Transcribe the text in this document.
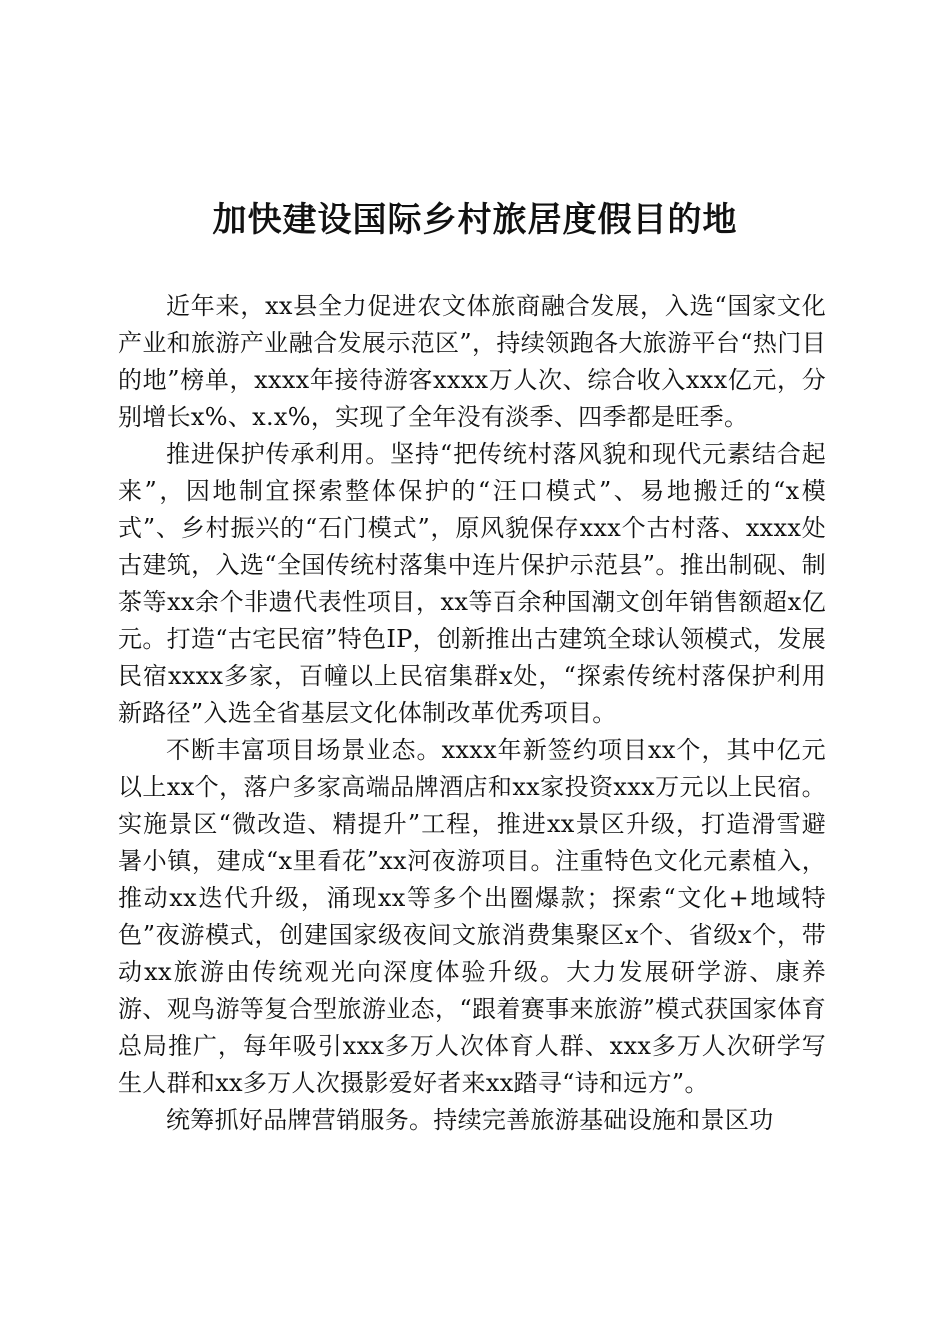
加快建设国际乡村旅居度假目的地

近年来，xx县全力促进农文体旅商融合发展，入选“国家文化产业和旅游产业融合发展示范区”，持续领跑各大旅游平台“热门目的地”榜单，xxxx年接待游客xxxx万人次、综合收入xxx亿元，分别增长x%、x.x%，实现了全年没有淡季、四季都是旺季。

推进保护传承利用。坚持“把传统村落风貌和现代元素结合起来”，因地制宜探索整体保护的“汪口模式”、易地搬迁的“x模式”、乡村振兴的“石门模式”，原风貌保存xxx个古村落、xxxx处古建筑，入选“全国传统村落集中连片保护示范县”。推出制砚、制茶等xx余个非遗代表性项目，xx等百余种国潮文创年销售额超x亿元。打造“古宅民宿”特色IP，创新推出古建筑全球认领模式，发展民宿xxxx多家，百幢以上民宿集群x处，“探索传统村落保护利用新路径”入选全省基层文化体制改革优秀项目。

不断丰富项目场景业态。xxxx年新签约项目xx个，其中亿元以上xx个，落户多家高端品牌酒店和xx家投资xxx万元以上民宿。实施景区“微改造、精提升”工程，推进xx景区升级，打造滑雪避暑小镇，建成“x里看花”xx河夜游项目。注重特色文化元素植入，推动xx迭代升级，涌现xx等多个出圈爆款；探索“文化+地域特色”夜游模式，创建国家级夜间文旅消费集聚区x个、省级x个，带动xx旅游由传统观光向深度体验升级。大力发展研学游、康养游、观鸟游等复合型旅游业态，“跟着赛事来旅游”模式获国家体育总局推广，每年吸引xxx多万人次体育人群、xxx多万人次研学写生人群和xx多万人次摄影爱好者来xx踏寻“诗和远方”。

统筹抓好品牌营销服务。持续完善旅游基础设施和景区功
